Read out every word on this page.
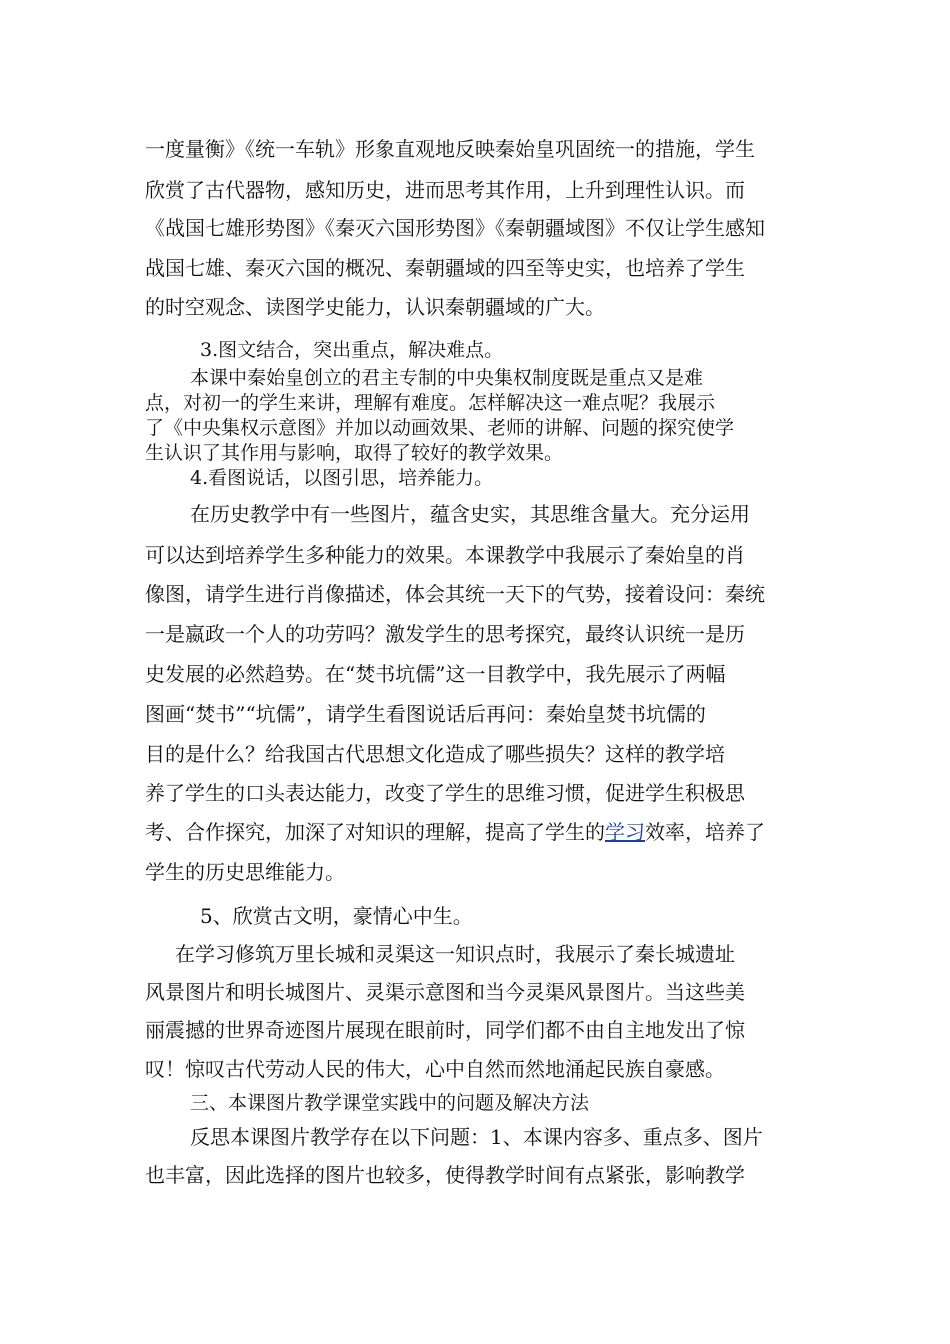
一度量衡》《统一车轨》形象直观地反映秦始皇巩固统一的措施，学生
欣赏了古代器物，感知历史，进而思考其作用，上升到理性认识。而
《战国七雄形势图》《秦灭六国形势图》《秦朝疆域图》不仅让学生感知
战国七雄、秦灭六国的概况、秦朝疆域的四至等史实，也培养了学生
的时空观念、读图学史能力，认识秦朝疆域的广大。
3.图文结合，突出重点，解决难点。
本课中秦始皇创立的君主专制的中央集权制度既是重点又是难
点，对初一的学生来讲，理解有难度。怎样解决这一难点呢？我展示
了《中央集权示意图》并加以动画效果、老师的讲解、问题的探究使学
生认识了其作用与影响，取得了较好的教学效果。
4.看图说话，以图引思，培养能力。
在历史教学中有一些图片，蕴含史实，其思维含量大。充分运用
可以达到培养学生多种能力的效果。本课教学中我展示了秦始皇的肖
像图，请学生进行肖像描述，体会其统一天下的气势，接着设问：秦统
一是嬴政一个人的功劳吗？激发学生的思考探究，最终认识统一是历
史发展的必然趋势。在“焚书坑儒”这一目教学中，我先展示了两幅
图画“焚书”“坑儒”，请学生看图说话后再问：秦始皇焚书坑儒的
目的是什么？给我国古代思想文化造成了哪些损失？这样的教学培
养了学生的口头表达能力，改变了学生的思维习惯，促进学生积极思
考、合作探究，加深了对知识的理解，提高了学生的学习效率，培养了
学生的历史思维能力。
5、欣赏古文明，豪情心中生。
在学习修筑万里长城和灵渠这一知识点时，我展示了秦长城遗址
风景图片和明长城图片、灵渠示意图和当今灵渠风景图片。当这些美
丽震撼的世界奇迹图片展现在眼前时，同学们都不由自主地发出了惊
叹！惊叹古代劳动人民的伟大，心中自然而然地涌起民族自豪感。
三、本课图片教学课堂实践中的问题及解决方法
反思本课图片教学存在以下问题：1、本课内容多、重点多、图片
也丰富，因此选择的图片也较多，使得教学时间有点紧张，影响教学
